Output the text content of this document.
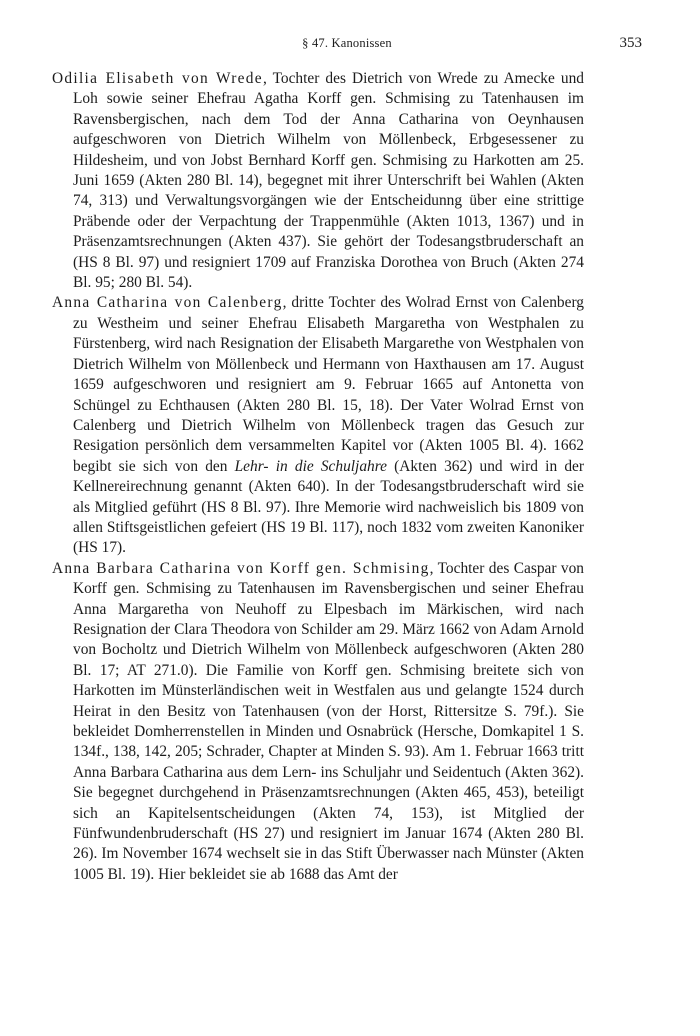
§ 47. Kanonissen	353

Odilia Elisabeth von Wrede, Tochter des Dietrich von Wrede zu Amecke und Loh sowie seiner Ehefrau Agatha Korff gen. Schmising zu Tatenhausen im Ravensbergischen, nach dem Tod der Anna Catharina von Oeynhausen aufgeschworen von Dietrich Wilhelm von Möllenbeck, Erbgesessener zu Hildesheim, und von Jobst Bernhard Korff gen. Schmising zu Harkotten am 25. Juni 1659 (Akten 280 Bl. 14), begegnet mit ihrer Unterschrift bei Wahlen (Akten 74, 313) und Verwaltungsvorgängen wie der Entscheidunng über eine strittige Präbende oder der Verpachtung der Trappenmühle (Akten 1013, 1367) und in Präsenzamtsrechnungen (Akten 437). Sie gehört der Todesangstbruderschaft an (HS 8 Bl. 97) und resigniert 1709 auf Franziska Dorothea von Bruch (Akten 274 Bl. 95; 280 Bl. 54).

Anna Catharina von Calenberg, dritte Tochter des Wolrad Ernst von Calenberg zu Westheim und seiner Ehefrau Elisabeth Margaretha von Westphalen zu Fürstenberg, wird nach Resignation der Elisabeth Margarethe von Westphalen von Dietrich Wilhelm von Möllenbeck und Hermann von Haxthausen am 17. August 1659 aufgeschworen und resigniert am 9. Februar 1665 auf Antonetta von Schüngel zu Echthausen (Akten 280 Bl. 15, 18). Der Vater Wolrad Ernst von Calenberg und Dietrich Wilhelm von Möllenbeck tragen das Gesuch zur Resigation persönlich dem versammelten Kapitel vor (Akten 1005 Bl. 4). 1662 begibt sie sich von den Lehr- in die Schuljahre (Akten 362) und wird in der Kellnereirechnung genannt (Akten 640). In der Todesangstbruderschaft wird sie als Mitglied geführt (HS 8 Bl. 97). Ihre Memorie wird nachweislich bis 1809 von allen Stiftsgeistlichen gefeiert (HS 19 Bl. 117), noch 1832 vom zweiten Kanoniker (HS 17).

Anna Barbara Catharina von Korff gen. Schmising, Tochter des Caspar von Korff gen. Schmising zu Tatenhausen im Ravensbergischen und seiner Ehefrau Anna Margaretha von Neuhoff zu Elpesbach im Märkischen, wird nach Resignation der Clara Theodora von Schilder am 29. März 1662 von Adam Arnold von Bocholtz und Dietrich Wilhelm von Möllenbeck aufgeschworen (Akten 280 Bl. 17; AT 271.0). Die Familie von Korff gen. Schmising breitete sich von Harkotten im Münsterländischen weit in Westfalen aus und gelangte 1524 durch Heirat in den Besitz von Tatenhausen (von der Horst, Rittersitze S. 79f.). Sie bekleidet Domherrenstellen in Minden und Osnabrück (Hersche, Domkapitel 1 S. 134f., 138, 142, 205; Schrader, Chapter at Minden S. 93). Am 1. Februar 1663 tritt Anna Barbara Catharina aus dem Lern- ins Schuljahr und Seidentuch (Akten 362). Sie begegnet durchgehend in Präsenzamtsrechnungen (Akten 465, 453), beteiligt sich an Kapitelsentscheidungen (Akten 74, 153), ist Mitglied der Fünfwundenbruderschaft (HS 27) und resigniert im Januar 1674 (Akten 280 Bl. 26). Im November 1674 wechselt sie in das Stift Überwasser nach Münster (Akten 1005 Bl. 19). Hier bekleidet sie ab 1688 das Amt der
